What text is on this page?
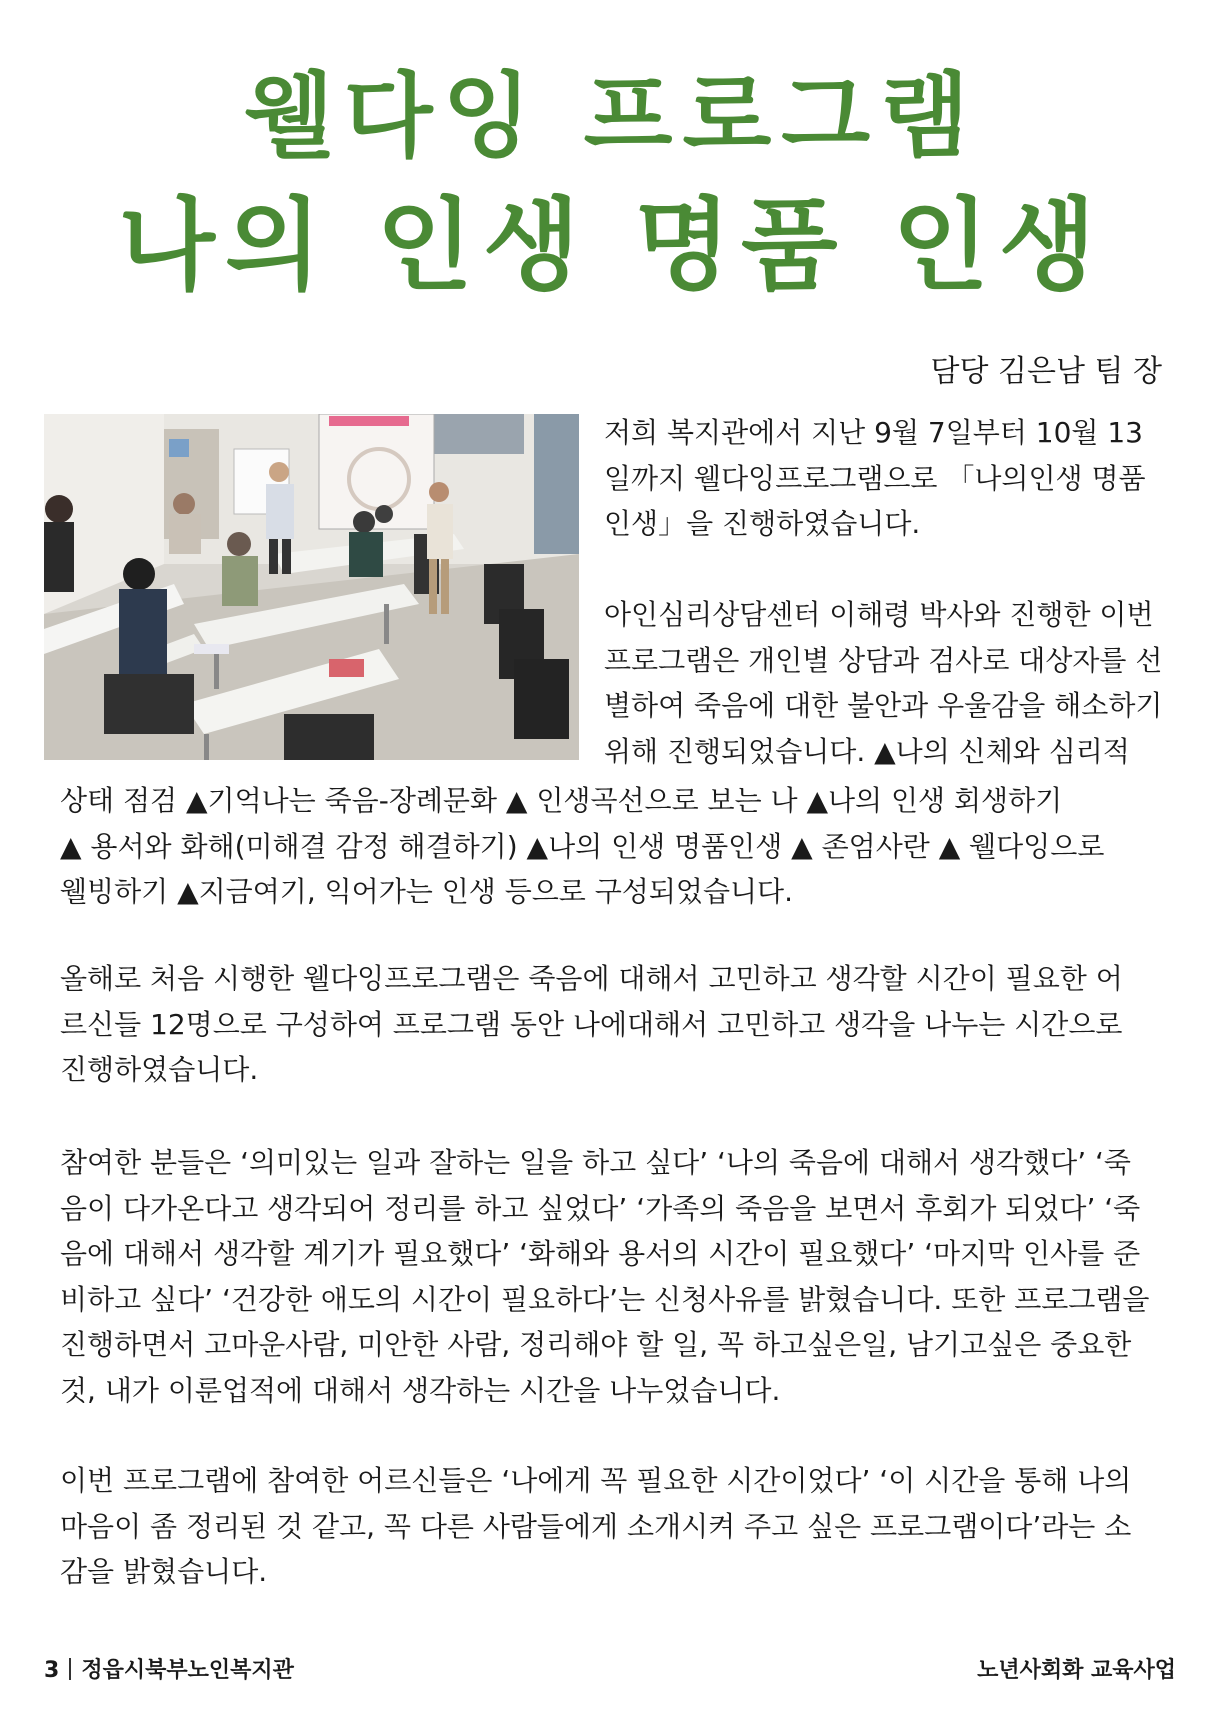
웰다잉 프로그램
나의 인생 명품 인생
담당 김은남 팀 장
저희 복지관에서 지난 9월 7일부터 10월 13
일까지 웰다잉프로그램으로 「나의인생 명품
인생」을 진행하였습니다.
아인심리상담센터 이해령 박사와 진행한 이번
프로그램은 개인별 상담과 검사로 대상자를 선
별하여 죽음에 대한 불안과 우울감을 해소하기
위해 진행되었습니다. ▲나의 신체와 심리적
상태 점검 ▲기억나는 죽음-장례문화 ▲ 인생곡선으로 보는 나 ▲나의 인생 회생하기
▲ 용서와 화해(미해결 감정 해결하기) ▲나의 인생 명품인생 ▲ 존엄사란 ▲ 웰다잉으로
웰빙하기 ▲지금여기, 익어가는 인생 등으로 구성되었습니다.
올해로 처음 시행한 웰다잉프로그램은 죽음에 대해서 고민하고 생각할 시간이 필요한 어
르신들 12명으로 구성하여 프로그램 동안 나에대해서 고민하고 생각을 나누는 시간으로
진행하였습니다.
참여한 분들은 ‘의미있는 일과 잘하는 일을 하고 싶다’ ‘나의 죽음에 대해서 생각했다’ ‘죽
음이 다가온다고 생각되어 정리를 하고 싶었다’ ‘가족의 죽음을 보면서 후회가 되었다’ ‘죽
음에 대해서 생각할 계기가 필요했다’ ‘화해와 용서의 시간이 필요했다’ ‘마지막 인사를 준
비하고 싶다’ ‘건강한 애도의 시간이 필요하다’는 신청사유를 밝혔습니다. 또한 프로그램을
진행하면서 고마운사람, 미안한 사람, 정리해야 할 일, 꼭 하고싶은일, 남기고싶은 중요한
것, 내가 이룬업적에 대해서 생각하는 시간을 나누었습니다.
이번 프로그램에 참여한 어르신들은 ‘나에게 꼭 필요한 시간이었다’ ‘이 시간을 통해 나의
마음이 좀 정리된 것 같고, 꼭 다른 사람들에게 소개시켜 주고 싶은 프로그램이다’라는 소
감을 밝혔습니다.
3 정읍시북부노인복지관	노년사회화 교육사업
